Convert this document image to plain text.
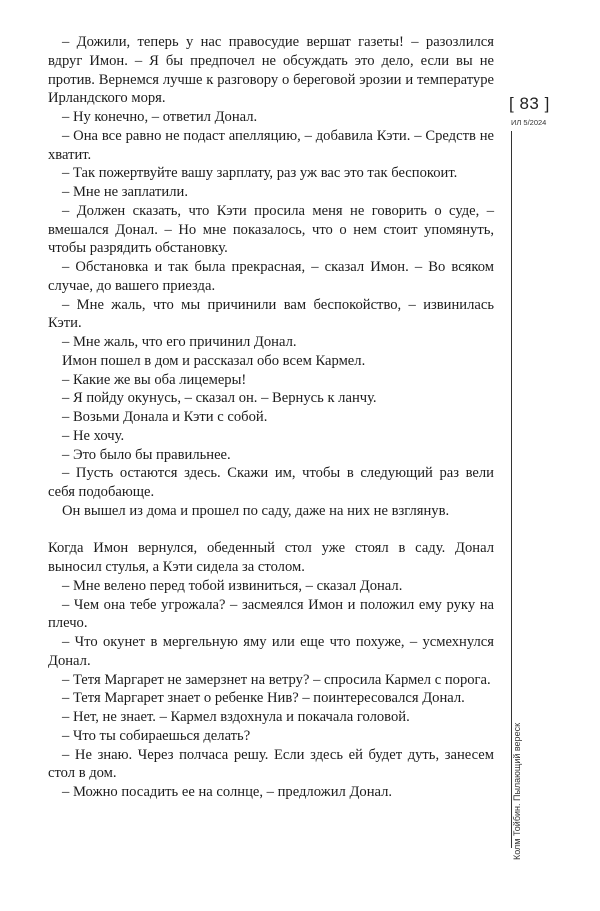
– Дожили, теперь у нас правосудие вершат газеты! – разозлился вдруг Имон. – Я бы предпочел не обсуждать это дело, если вы не против. Вернемся лучше к разговору о береговой эрозии и температуре Ирландского моря.

– Ну конечно, – ответил Донал.

– Она все равно не подаст апелляцию, – добавила Кэти. – Средств не хватит.

– Так пожертвуйте вашу зарплату, раз уж вас это так беспокоит.

– Мне не заплатили.

– Должен сказать, что Кэти просила меня не говорить о суде, – вмешался Донал. – Но мне показалось, что о нем стоит упомянуть, чтобы разрядить обстановку.

– Обстановка и так была прекрасная, – сказал Имон. – Во всяком случае, до вашего приезда.

– Мне жаль, что мы причинили вам беспокойство, – извинилась Кэти.

– Мне жаль, что его причинил Донал.

Имон пошел в дом и рассказал обо всем Кармел.

– Какие же вы оба лицемеры!

– Я пойду окунусь, – сказал он. – Вернусь к ланчу.

– Возьми Донала и Кэти с собой.

– Не хочу.

– Это было бы правильнее.

– Пусть остаются здесь. Скажи им, чтобы в следующий раз вели себя подобающе.

Он вышел из дома и прошел по саду, даже на них не взглянув.

Когда Имон вернулся, обеденный стол уже стоял в саду. Донал выносил стулья, а Кэти сидела за столом.

– Мне велено перед тобой извиниться, – сказал Донал.

– Чем она тебе угрожала? – засмеялся Имон и положил ему руку на плечо.

– Что окунет в мергельную яму или еще что похуже, – усмехнулся Донал.

– Тетя Маргарет не замерзнет на ветру? – спросила Кармел с порога.

– Тетя Маргарет знает о ребенке Нив? – поинтересовался Донал.

– Нет, не знает. – Кармел вздохнула и покачала головой.

– Что ты собираешься делать?

– Не знаю. Через полчаса решу. Если здесь ей будет дуть, занесем стол в дом.

– Можно посадить ее на солнце, – предложил Донал.

[ 83 ]
ИЛ 5/2024
Колм Тойбин. Пылающий вереск
